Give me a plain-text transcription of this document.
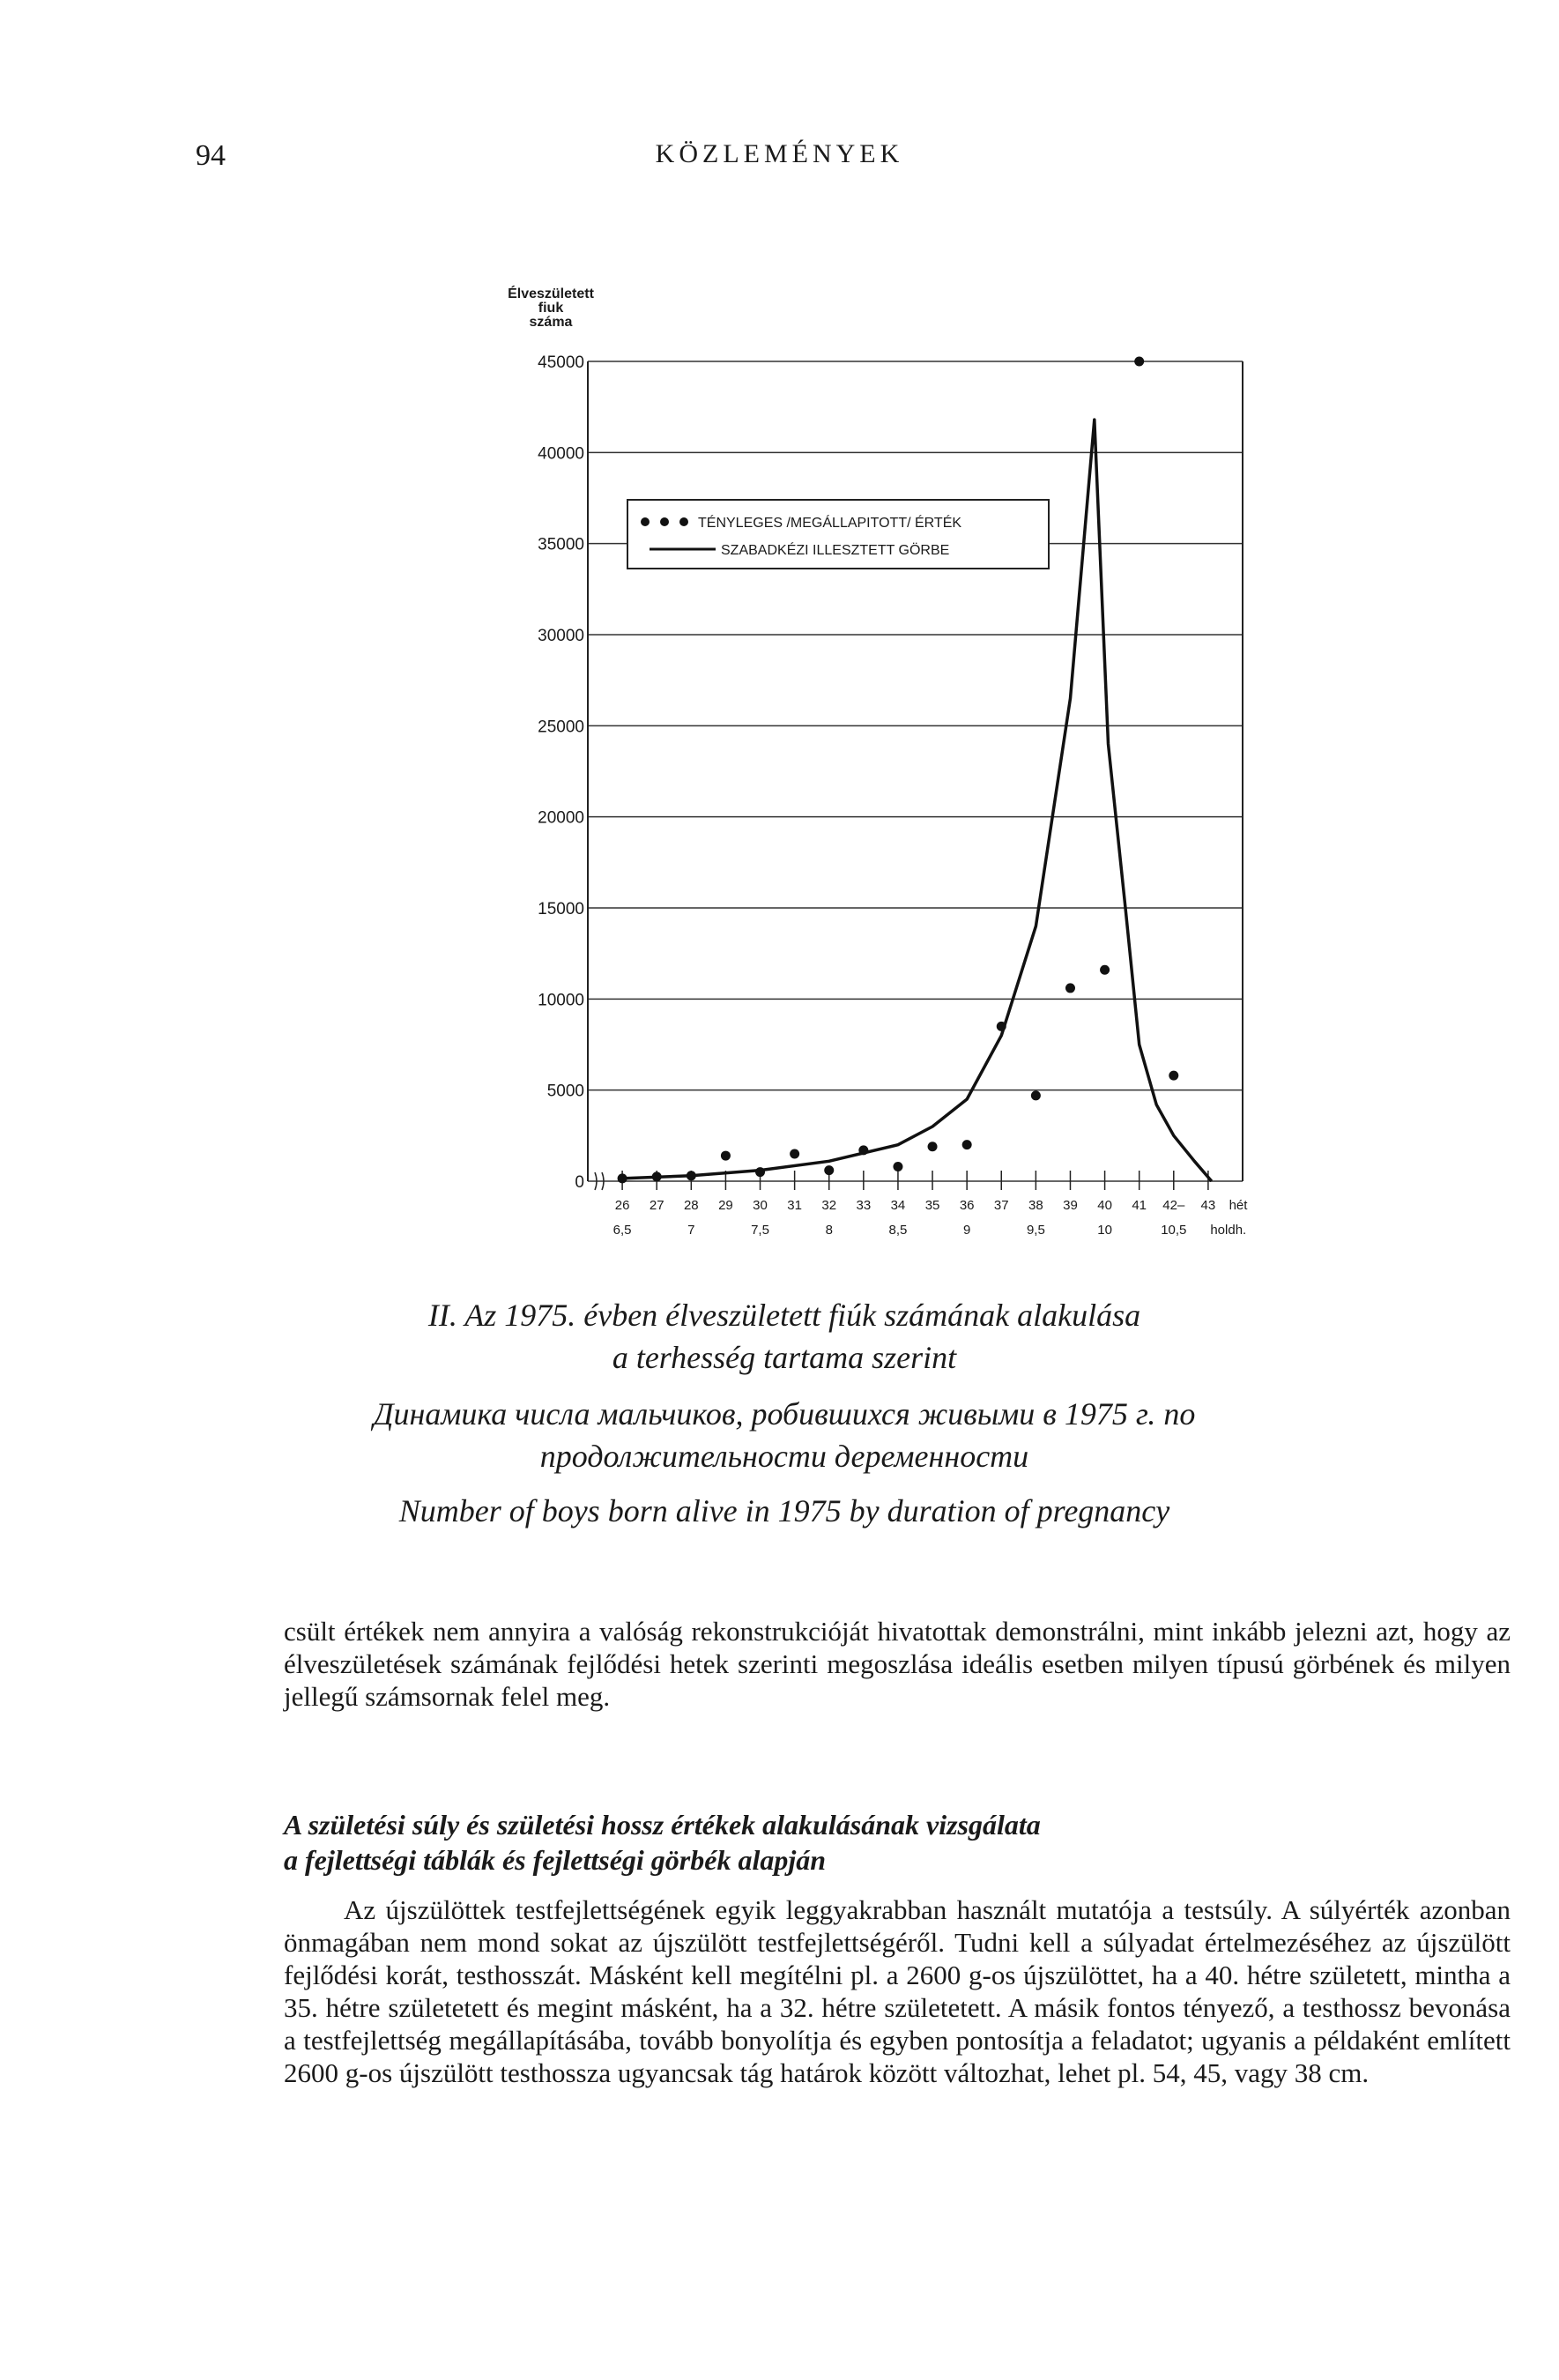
94	KÖZLEMÉNYEK
Élveszületett
fiuk
száma
0
5000
10000
15000
20000
25000
30000
35000
40000
45000
26 27 28 29 30 31 32 33 34 35 36 37 38 39 40 41 42– 43 hét
6,5	7	7,5	8	8,5	9	9,5	10	10,5 holdh.
TÉNYLEGES /MEGÁLLAPITOTT/ ÉRTÉK
SZABADKÉZI ILLESZTETT GÖRBE
II. Az 1975. évben élveszületett fiúk számának alakulása
a terhesség tartama szerint
Динамика числа мальчиков, робившихся живыми в 1975 г. по
продолжительности деременности
Number of boys born alive in 1975 by duration of pregnancy

csült értékek nem annyira a valóság rekonstrukcióját hivatottak demonstrálni, mint inkább jelezni azt, hogy az élveszületések számának fejlődési hetek szerinti megoszlása ideális esetben milyen típusú görbének és milyen jellegű számsornak felel meg.

A születési súly és születési hossz értékek alakulásának vizsgálata
a fejlettségi táblák és fejlettségi görbék alapján

Az újszülöttek testfejlettségének egyik leggyakrabban használt mutatója a testsúly. A súlyérték azonban önmagában nem mond sokat az újszülött testfejlettségéről. Tudni kell a súlyadat értelmezéséhez az újszülött fejlődési korát, testhosszát. Másként kell megítélni pl. a 2600 g-os újszülöttet, ha a 40. hétre született, mintha a 35. hétre születetett és megint másként, ha a 32. hétre születetett. A másik fontos tényező, a testhossz bevonása a testfejlettség megállapításába, tovább bonyolítja és egyben pontosítja a feladatot; ugyanis a példaként említett 2600 g-os újszülött testhossza ugyancsak tág határok között változhat, lehet pl. 54, 45, vagy 38 cm.
